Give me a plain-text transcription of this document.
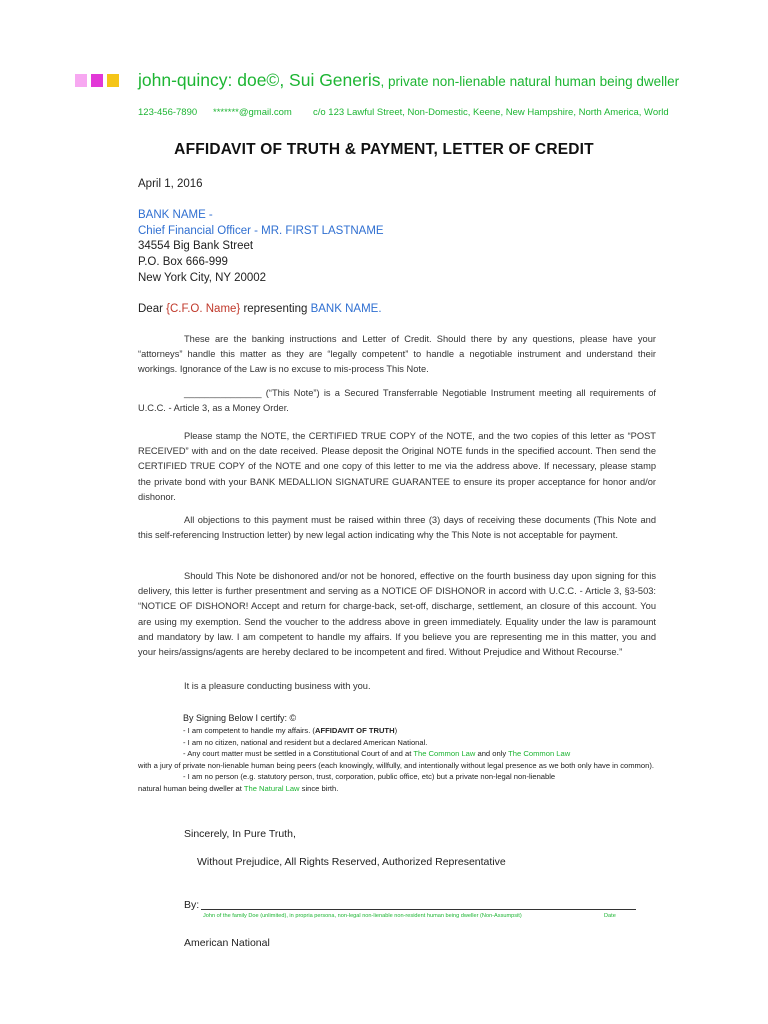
john-quincy: doe©, Sui Generis, private non-lienable natural human being dweller
123-456-7890 *******@gmail.com c/o 123 Lawful Street, Non-Domestic, Keene, New Hampshire, North America, World
AFFIDAVIT OF TRUTH & PAYMENT, LETTER OF CREDIT
April 1, 2016
BANK NAME -
Chief Financial Officer - MR. FIRST LASTNAME
34554 Big Bank Street
P.O. Box 666-999
New York City, NY 20002
Dear {C.F.O. Name} representing BANK NAME.
These are the banking instructions and Letter of Credit. Should there by any questions, please have your “attorneys” handle this matter as they are “legally competent” to handle a negotiable instrument and understand their workings. Ignorance of the Law is no excuse to mis-process This Note.
_______________ (“This Note”) is a Secured Transferrable Negotiable Instrument meeting all requirements of U.C.C. - Article 3, as a Money Order.
Please stamp the NOTE, the CERTIFIED TRUE COPY of the NOTE, and the two copies of this letter as “POST RECEIVED” with and on the date received. Please deposit the Original NOTE funds in the specified account. Then send the CERTIFIED TRUE COPY of the NOTE and one copy of this letter to me via the address above. If necessary, please stamp the private bond with your BANK MEDALLION SIGNATURE GUARANTEE to ensure its proper acceptance for honor and/or dishonor.
All objections to this payment must be raised within three (3) days of receiving these documents (This Note and this self-referencing Instruction letter) by new legal action indicating why the This Note is not acceptable for payment.
Should This Note be dishonored and/or not be honored, effective on the fourth business day upon signing for this delivery, this letter is further presentment and serving as a NOTICE OF DISHONOR in accord with U.C.C. - Article 3, §3-503: “NOTICE OF DISHONOR! Accept and return for charge-back, set-off, discharge, settlement, an closure of this account. You are using my exemption. Send the voucher to the address above in green immediately. Equality under the law is paramount and mandatory by law. I am competent to handle my affairs. If you believe you are representing me in this matter, you and your heirs/assigns/agents are hereby declared to be incompetent and fired. Without Prejudice and Without Recourse.”
It is a pleasure conducting business with you.
By Signing Below I certify: ©
- I am competent to handle my affairs. (AFFIDAVIT OF TRUTH)
- I am no citizen, national and resident but a declared American National.
- Any court matter must be settled in a Constitutional Court of and at The Common Law and only The Common Law
with a jury of private non-lienable human being peers (each knowingly, willfully, and intentionally without legal presence as we both only have in common).
- I am no person (e.g. statutory person, trust, corporation, public office, etc) but a private non-legal non-lienable
natural human being dweller at The Natural Law since birth.
Sincerely, In Pure Truth,
Without Prejudice, All Rights Reserved, Authorized Representative
By:
John of the family Doe (unlimited), in propria persona, non-legal non-lienable non-resident human being dweller (Non-Assumpsit)	Date
American National
